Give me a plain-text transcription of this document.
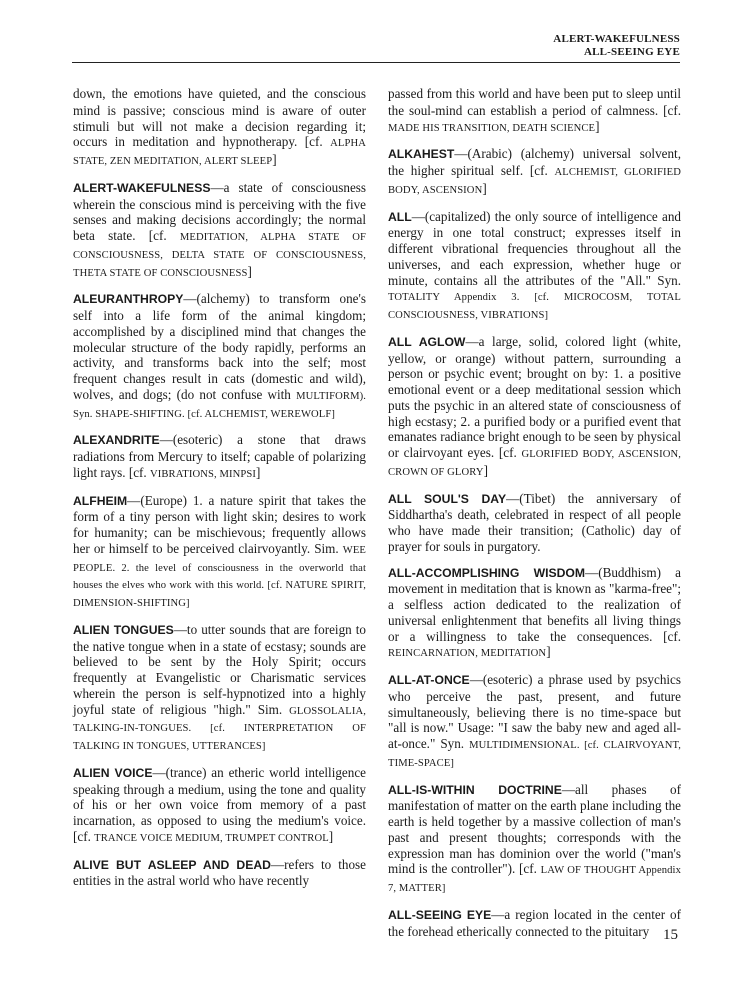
ALERT-WAKEFULNESS
ALL-SEEING EYE

down, the emotions have quieted, and the conscious mind is passive; conscious mind is aware of outer stimuli but will not make a decision regarding it; occurs in meditation and hypnotherapy. [cf. ALPHA STATE, ZEN MEDITATION, ALERT SLEEP]

ALERT-WAKEFULNESS—a state of consciousness wherein the conscious mind is perceiving with the five senses and making decisions accordingly; the normal beta state. [cf. MEDITATION, ALPHA STATE OF CONSCIOUSNESS, DELTA STATE OF CONSCIOUSNESS, THETA STATE OF CONSCIOUSNESS]

ALEURANTHROPY—(alchemy) to transform one's self into a life form of the animal kingdom; accomplished by a disciplined mind that changes the molecular structure of the body rapidly, performs an activity, and transforms back into the self; most frequent changes result in cats (domestic and wild), wolves, and dogs; (do not confuse with MULTIFORM). Syn. SHAPE-SHIFTING. [cf. ALCHEMIST, WEREWOLF]

ALEXANDRITE—(esoteric) a stone that draws radiations from Mercury to itself; capable of polarizing light rays. [cf. VIBRATIONS, MINPSI]

ALFHEIM—(Europe) 1. a nature spirit that takes the form of a tiny person with light skin; desires to work for humanity; can be mischievous; frequently allows her or himself to be perceived clairvoyantly. Sim. WEE PEOPLE. 2. the level of consciousness in the overworld that houses the elves who work with this world. [cf. NATURE SPIRIT, DIMENSION-SHIFTING]

ALIEN TONGUES—to utter sounds that are foreign to the native tongue when in a state of ecstasy; sounds are believed to be sent by the Holy Spirit; occurs frequently at Evangelistic or Charismatic services wherein the person is self-hypnotized into a highly joyful state of religious "high." Sim. GLOSSOLALIA, TALKING-IN-TONGUES. [cf. INTERPRETATION OF TALKING IN TONGUES, UTTERANCES]

ALIEN VOICE—(trance) an etheric world intelligence speaking through a medium, using the tone and quality of his or her own voice from memory of a past incarnation, as opposed to using the medium's voice. [cf. TRANCE VOICE MEDIUM, TRUMPET CONTROL]

ALIVE BUT ASLEEP AND DEAD—refers to those entities in the astral world who have recently

passed from this world and have been put to sleep until the soul-mind can establish a period of calmness. [cf. MADE HIS TRANSITION, DEATH SCIENCE]

ALKAHEST—(Arabic) (alchemy) universal solvent, the higher spiritual self. [cf. ALCHEMIST, GLORIFIED BODY, ASCENSION]

ALL—(capitalized) the only source of intelligence and energy in one total construct; expresses itself in different vibrational frequencies throughout all the universes, and each expression, whether huge or minute, contains all the attributes of the "All." Syn. TOTALITY Appendix 3. [cf. MICROCOSM, TOTAL CONSCIOUSNESS, VIBRATIONS]

ALL AGLOW—a large, solid, colored light (white, yellow, or orange) without pattern, surrounding a person or psychic event; brought on by: 1. a positive emotional event or a deep meditational session which puts the psychic in an altered state of consciousness of high ecstasy; 2. a purified body or a purified event that emanates radiance bright enough to be seen by physical or clairvoyant eyes. [cf. GLORIFIED BODY, ASCENSION, CROWN OF GLORY]

ALL SOUL'S DAY—(Tibet) the anniversary of Siddhartha's death, celebrated in respect of all people who have made their transition; (Catholic) day of prayer for souls in purgatory.

ALL-ACCOMPLISHING WISDOM—(Buddhism) a movement in meditation that is known as "karma-free"; a selfless action dedicated to the realization of universal enlightenment that benefits all living things or a willingness to take the consequences. [cf. REINCARNATION, MEDITATION]

ALL-AT-ONCE—(esoteric) a phrase used by psychics who perceive the past, present, and future simultaneously, believing there is no time-space but "all is now." Usage: "I saw the baby new and aged all-at-once." Syn. MULTIDIMENSIONAL. [cf. CLAIRVOYANT, TIME-SPACE]

ALL-IS-WITHIN DOCTRINE—all phases of manifestation of matter on the earth plane including the earth is held together by a massive collection of man's past and present thoughts; corresponds with the expression man has dominion over the world ("man's mind is the controller"). [cf. LAW OF THOUGHT Appendix 7, MATTER]

ALL-SEEING EYE—a region located in the center of the forehead etherically connected to the pituitary 15
